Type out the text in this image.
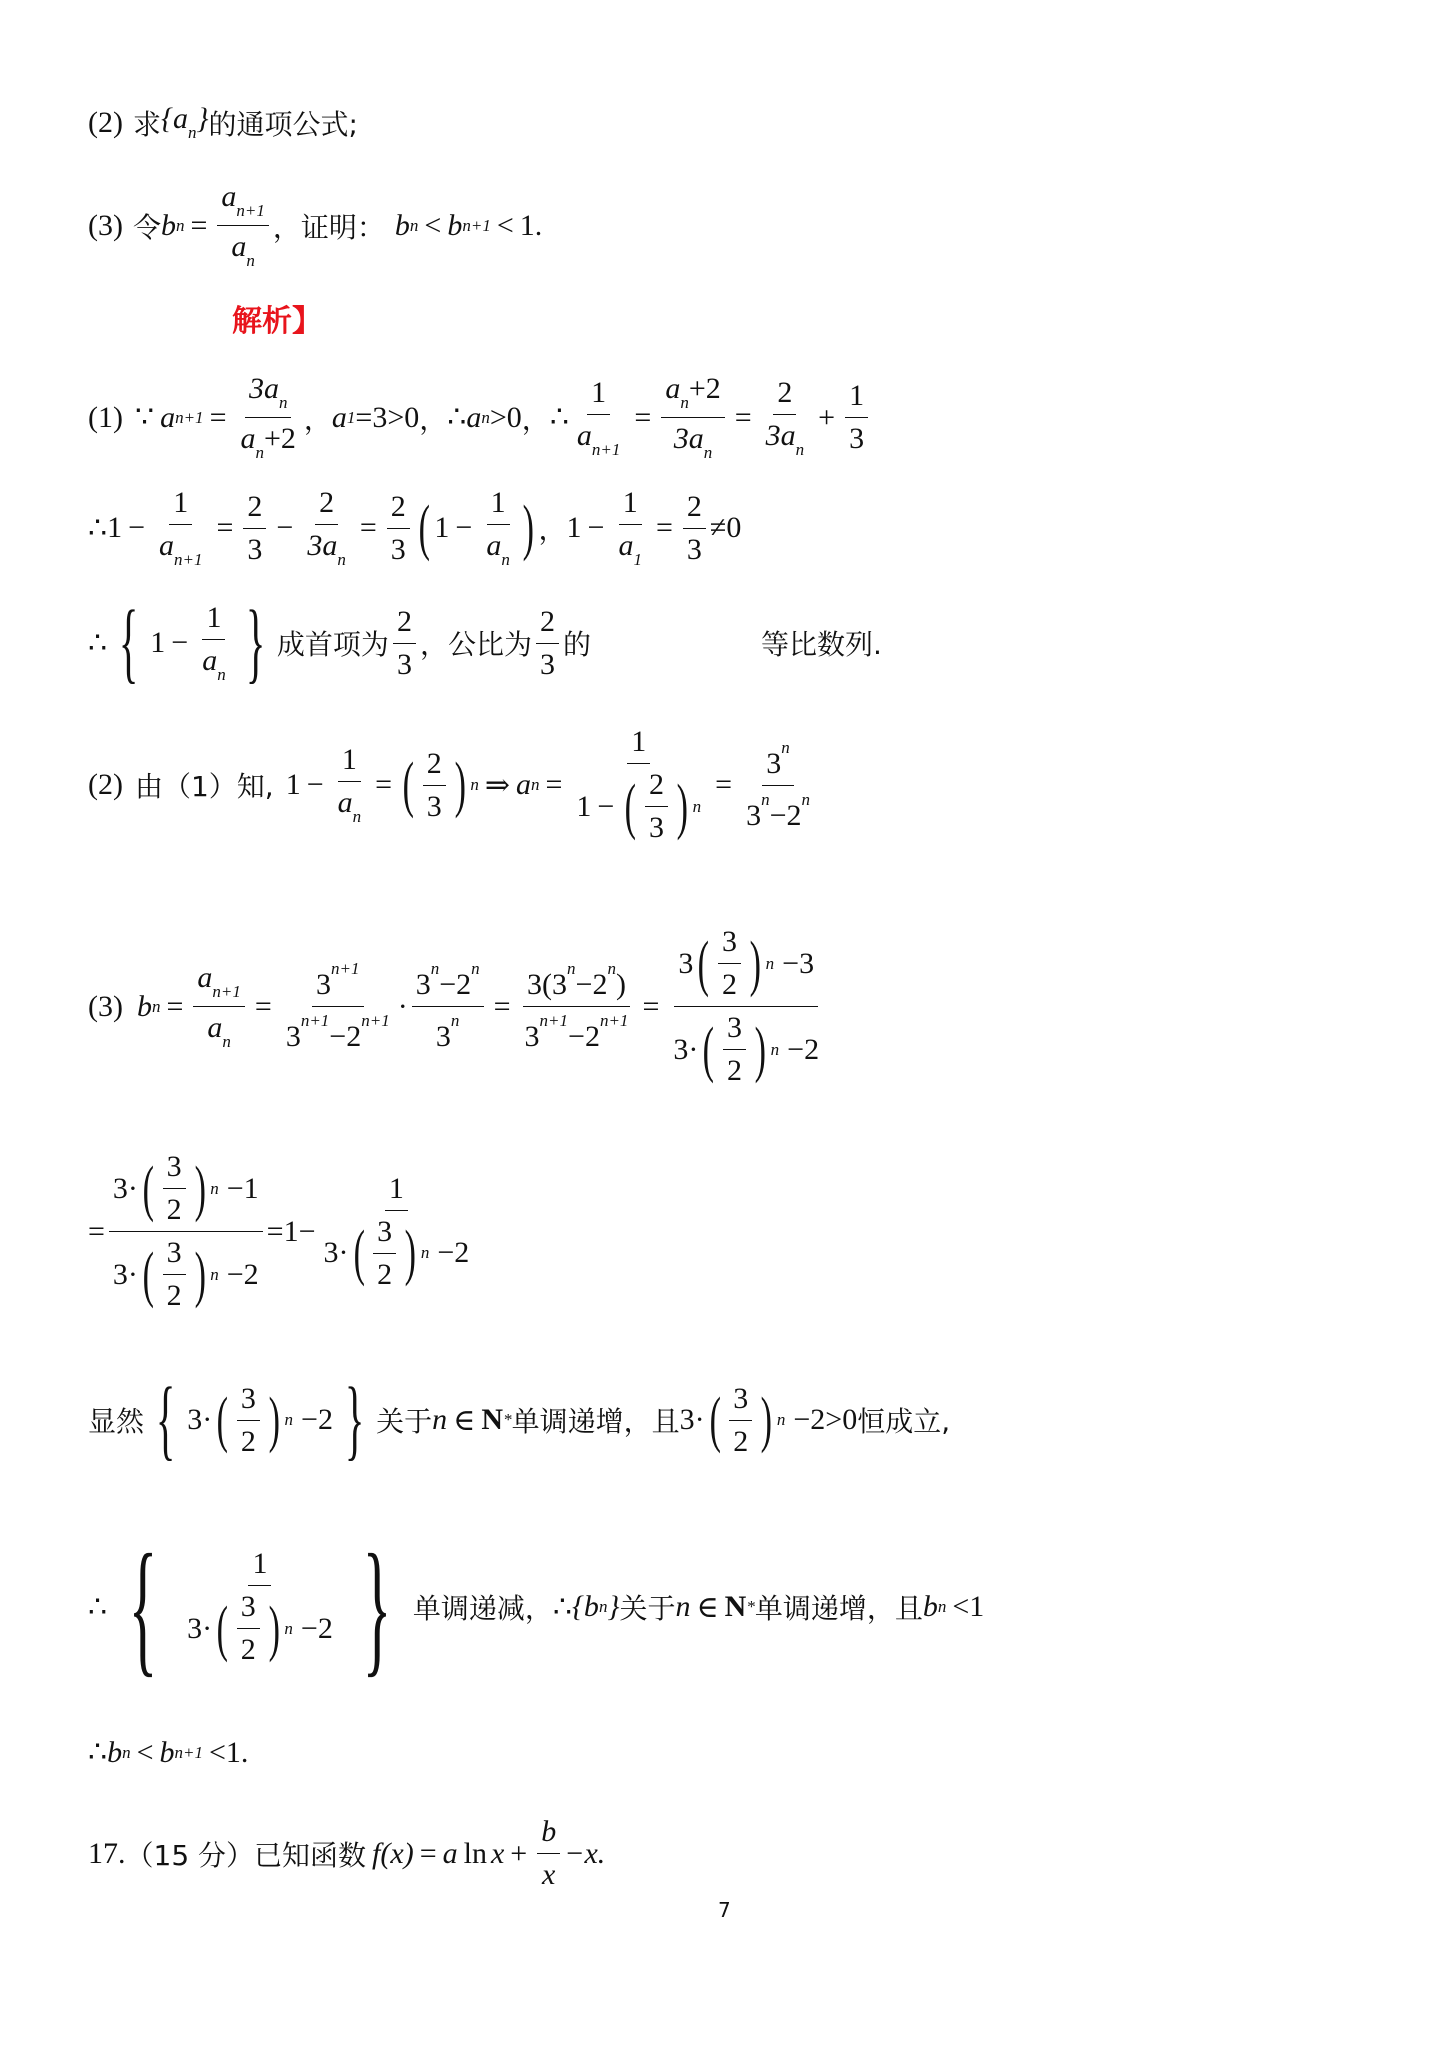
(2) 求 $\{a_n\}$ 的通项公式;
(3) 令 b $n = \frac{a_{n+1}}{a_n}$ ，证明： b n < b n+1 < 1.
解析】
(1) ∵ a $n+1 = \frac{3a_n}{a_n+2}$ ， a 1 =3>0 ， ∴ a n >0 ， ∴ $\frac{1}{a_{n+1}} = \frac{a_n+2}{3a_n} = \frac{2}{3a_n} + \frac{1}{3}$
∴ $1 - \frac{1}{a_{n+1}} = \frac{2}{3} - \frac{2}{3a_n} = \frac{2}{3}$ ( $1 - \frac{1}{a_n}$ ) ， $1 - \frac{1}{a_1} = \frac{2}{3} \ne 0$
∴ { $1 - \frac{1}{a_n}$ } 成首项为 $\frac{2}{3}$ ，公比为 $\frac{2}{3}$ 的	等比数列.
(2) 由（1）知, $1 - \frac{1}{a_n}$ = ( $\frac{2}{3}$ ) n ⇒ a $n = \frac{1}{1 - ( \frac{2}{3} ) n} = \frac{3^n}{3^n-2^n}$
(3) b $n = \frac{a_{n+1}}{a_n} = \frac{3^{n+1}}{3^{n+1}-2^{n+1}} \cdot \frac{3^n-2^n}{3^n} = \frac{3(3^n-2^n)}{3^{n+1}-2^{n+1}} = \frac{3 ( \frac{3}{2} ) n -3}{3\cdot ( \frac{3}{2} ) n -2}$
= $\frac{3\cdot ( \frac{3}{2} ) n -1}{3\cdot ( \frac{3}{2} ) n -2} =1- \frac{1}{3\cdot ( \frac{3}{2} ) n -2}$
显然 { 3· ( $\frac{3}{2}$ ) n −2 } 关于 n ∈ N * 单调递增，且 3· ( $\frac{3}{2}$ ) n −2>0 恒成立,
∴ { $\frac{1}{3\cdot ( \frac{3}{2} ) n -2}$ } 单调递减， ∴ {b n } 关于 n ∈ N * 单调递增，且 b n <1
∴ b n < b n+1 <1.
17. （15 分） 已知函数 f (x) = a $\ln x + \frac{b}{x} -x$.
7
